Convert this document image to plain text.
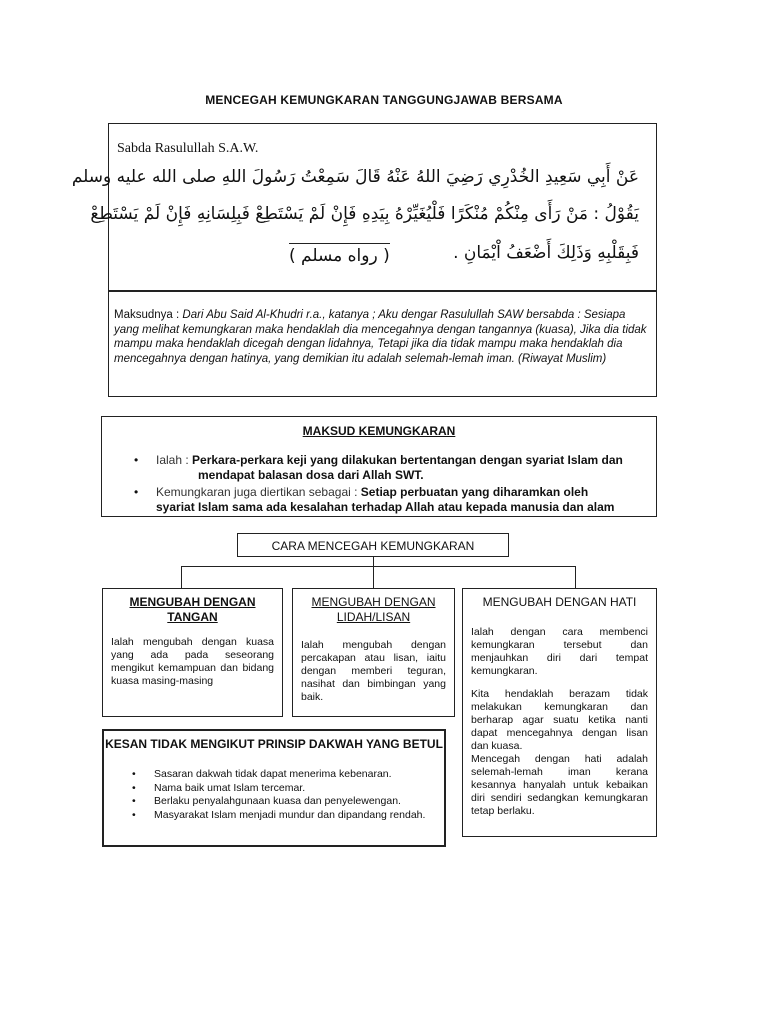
MENCEGAH KEMUNGKARAN TANGGUNGJAWAB BERSAMA
Sabda Rasulullah S.A.W.
عَنْ أَبِي سَعِيدِ الخُدْرِي رَضِيَ اللهُ عَنْهُ قَالَ سَمِعْتُ رَسُولَ اللهِ صلى الله عليه وسلم
يَقُوْلُ : مَنْ رَأَى مِنْكُمْ مُنْكَرًا فَلْيُغَيِّرْهُ بِيَدِهِ فَإِنْ لَمْ يَسْتَطِعْ فَبِلِسَانِهِ فَإِنْ لَمْ يَسْتَطِعْ
فَبِقَلْبِهِ وَذَلِكَ أَضْعَفُ اْيْمَانِ .
( رواه مسلم )
Maksudnya : Dari Abu Said Al-Khudri r.a., katanya ; Aku dengar Rasulullah SAW bersabda : Sesiapa yang melihat kemungkaran maka hendaklah dia mencegahnya dengan tangannya (kuasa), Jika dia tidak mampu maka hendaklah dicegah dengan lidahnya, Tetapi jika dia tidak mampu maka hendaklah dia mencegahnya dengan hatinya, yang demikian itu adalah selemah-lemah iman. (Riwayat Muslim)
MAKSUD KEMUNGKARAN
• Ialah : Perkara-perkara keji yang dilakukan bertentangan dengan syariat Islam dan
mendapat balasan dosa dari Allah SWT.
• Kemungkaran juga diertikan sebagai : Setiap perbuatan yang diharamkan oleh
syariat Islam sama ada kesalahan terhadap Allah atau kepada manusia dan alam
CARA MENCEGAH KEMUNGKARAN
MENGUBAH DENGAN TANGAN
Ialah mengubah dengan kuasa yang ada pada seseorang mengikut kemampuan dan bidang kuasa masing-masing
MENGUBAH DENGAN LIDAH/LISAN
Ialah mengubah dengan percakapan atau lisan, iaitu dengan memberi teguran, nasihat dan bimbingan yang baik.
MENGUBAH DENGAN HATI

Ialah dengan cara membenci kemungkaran tersebut dan menjauhkan diri dari tempat kemungkaran.

Kita hendaklah berazam tidak melakukan kemungkaran dan berharap agar suatu ketika nanti dapat mencegahnya dengan lisan dan kuasa.
Mencegah dengan hati adalah selemah-lemah iman kerana kesannya hanyalah untuk kebaikan diri sendiri sedangkan kemungkaran tetap berlaku.

KESAN TIDAK MENGIKUT PRINSIP DAKWAH YANG BETUL
• Sasaran dakwah tidak dapat menerima kebenaran.
• Nama baik umat Islam tercemar.
• Berlaku penyalahgunaan kuasa dan penyelewengan.
• Masyarakat Islam menjadi mundur dan dipandang rendah.
